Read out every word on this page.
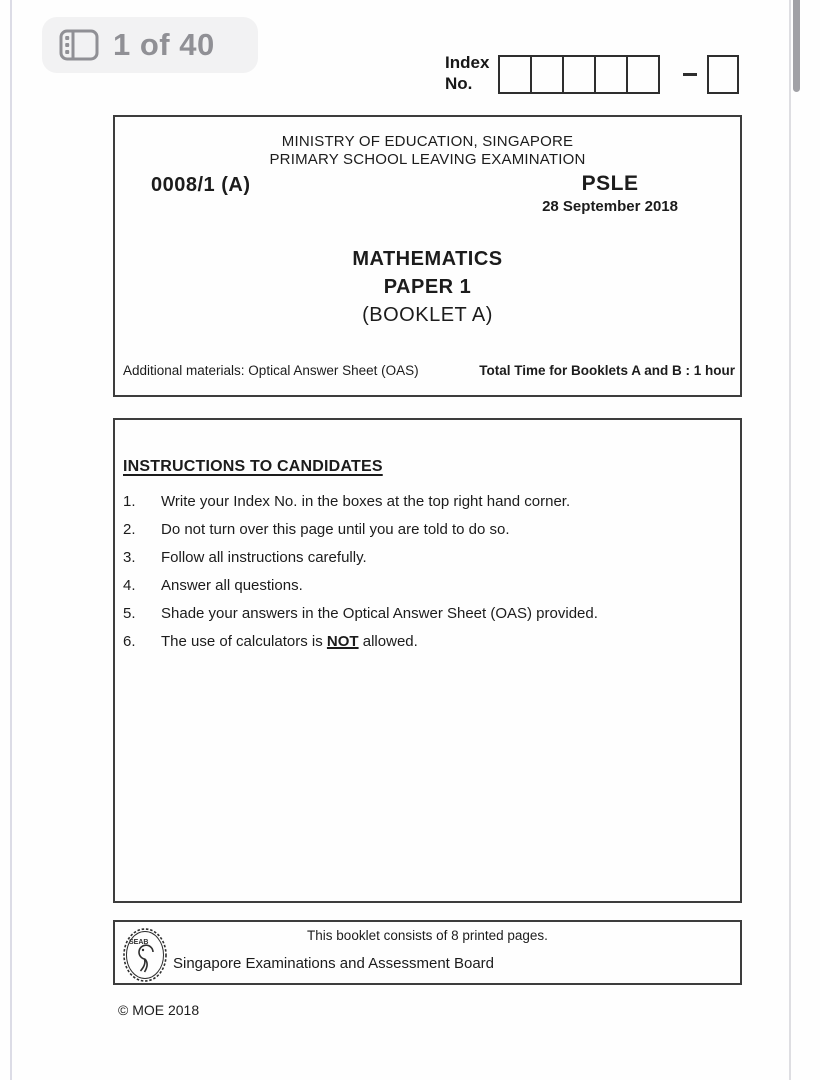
1 of 40
Index
No.
MINISTRY OF EDUCATION, SINGAPORE
PRIMARY SCHOOL LEAVING EXAMINATION
0008/1 (A)	PSLE
28 September 2018
MATHEMATICS
PAPER 1
(BOOKLET A)
Additional materials: Optical Answer Sheet (OAS)	Total Time for Booklets A and B : 1 hour
INSTRUCTIONS TO CANDIDATES
1.	Write your Index No. in the boxes at the top right hand corner.
2.	Do not turn over this page until you are told to do so.
3.	Follow all instructions carefully.
4.	Answer all questions.
5.	Shade your answers in the Optical Answer Sheet (OAS) provided.
6.	The use of calculators is NOT allowed.
This booklet consists of 8 printed pages.
SEAB
Singapore Examinations and Assessment Board
© MOE 2018
